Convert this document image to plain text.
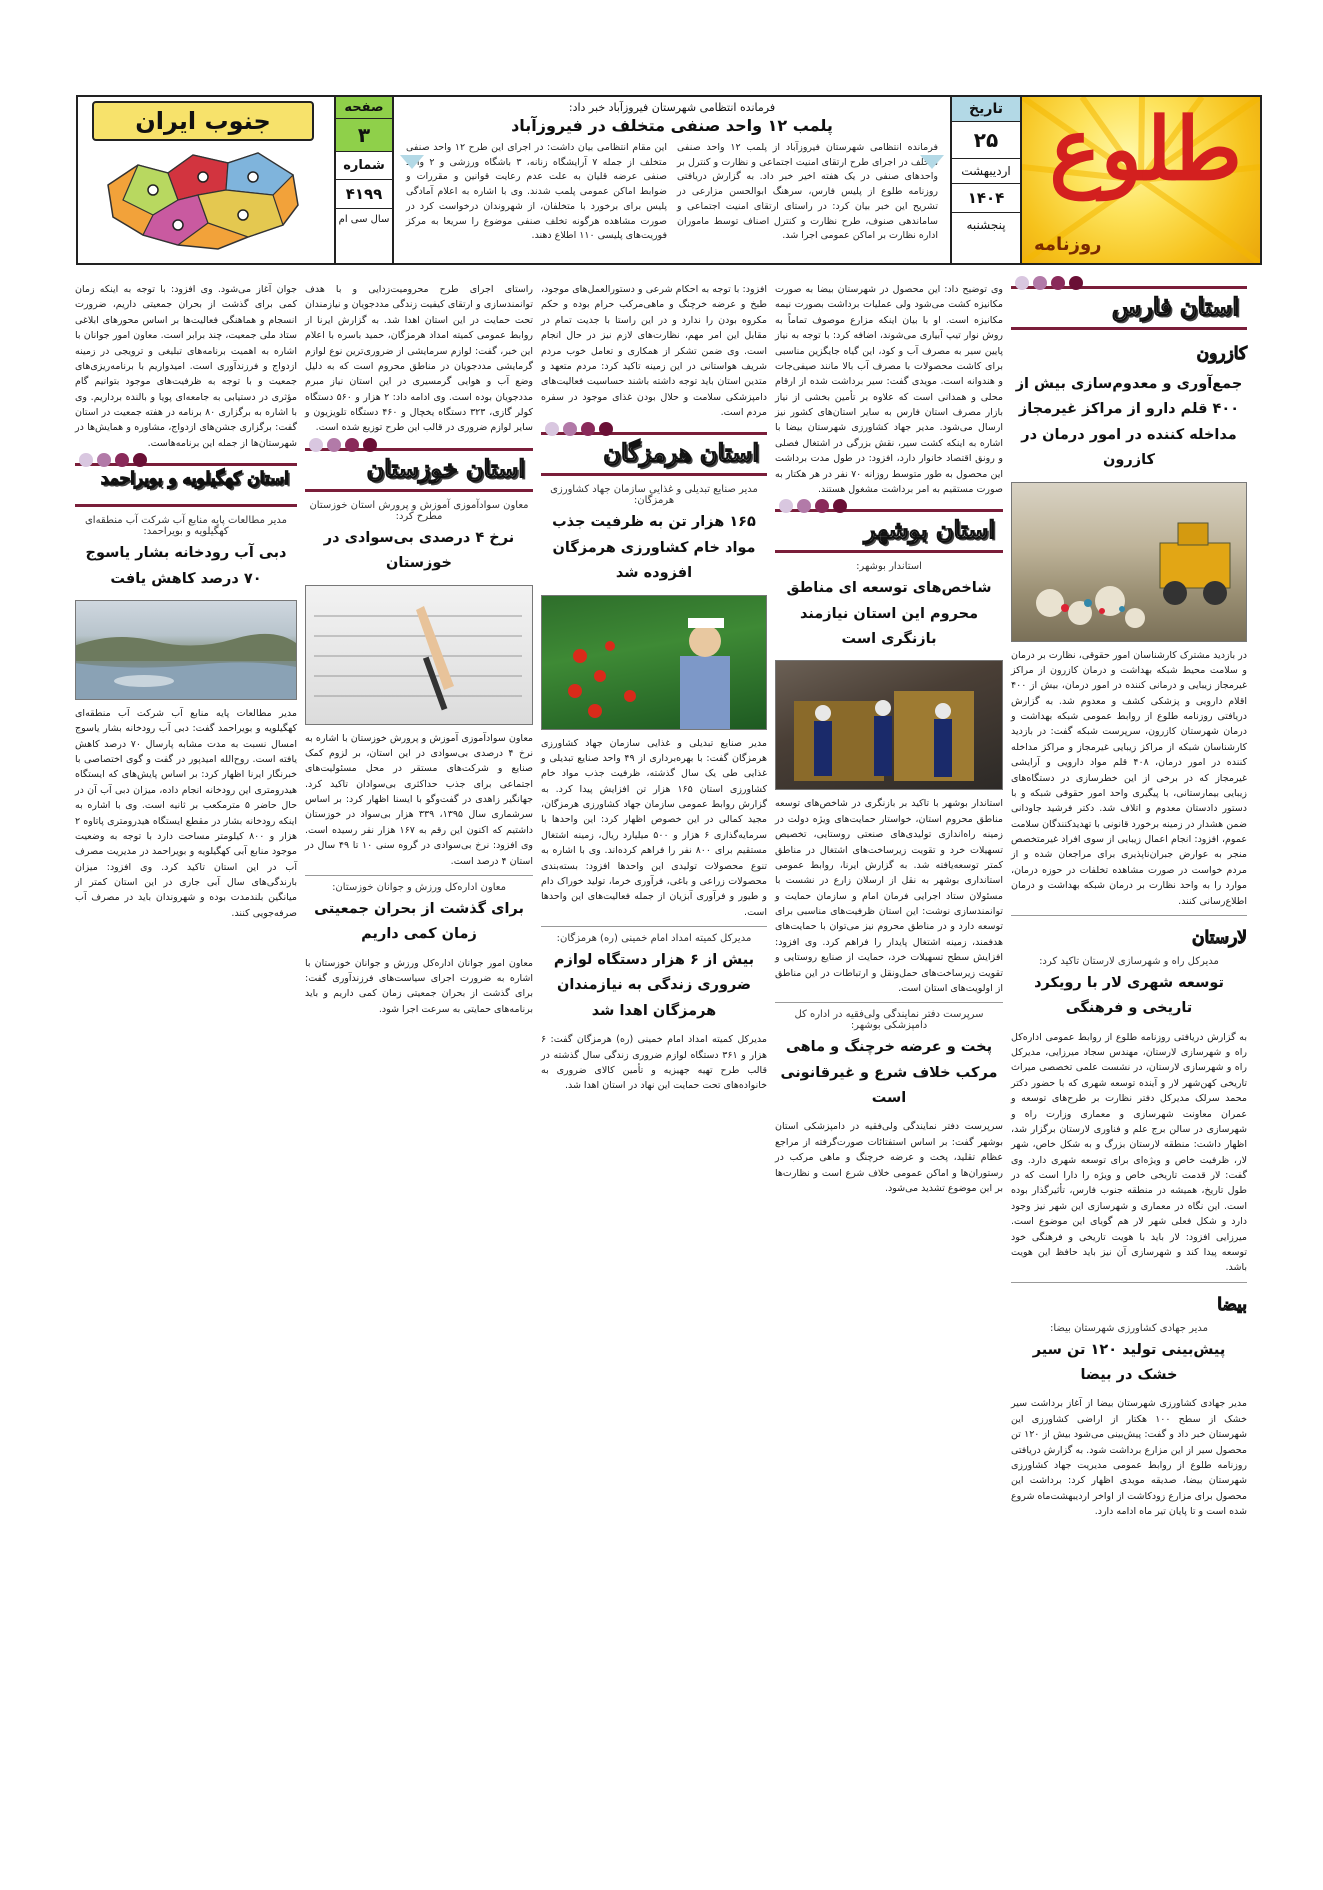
طلوع
روزنامه
تاریخ
۲۵
اردیبهشت
۱۴۰۴
پنجشنبه
فرمانده انتظامی شهرستان فیروزآباد خبر داد:
پلمب ۱۲ واحد صنفی متخلف در فیروزآباد

فرمانده انتظامی شهرستان فیروزآباد از پلمب ۱۲ واحد صنفی متخلف در اجرای طرح ارتقای امنیت اجتماعی و نظارت و کنترل بر واحدهای صنفی در یک هفته اخیر خبر داد. به گزارش دریافتی روزنامه طلوع از پلیس فارس، سرهنگ ابوالحسن مزارعی در تشریح این خبر بیان کرد: در راستای ارتقای امنیت اجتماعی و ساماندهی صنوف، طرح نظارت و کنترل اصناف توسط ماموران اداره نظارت بر اماکن عمومی اجرا شد.

این مقام انتظامی بیان داشت: در اجرای این طرح ۱۲ واحد صنفی متخلف از جمله ۷ آرایشگاه زنانه، ۳ باشگاه ورزشی و ۲ واحد صنفی عرضه قلیان به علت عدم رعایت قوانین و مقررات و ضوابط اماکن عمومی پلمب شدند. وی با اشاره به اعلام آمادگی پلیس برای برخورد با متخلفان، از شهروندان درخواست کرد در صورت مشاهده هرگونه تخلف صنفی موضوع را سریعا به مرکز فوریت‌های پلیسی ۱۱۰ اطلاع دهند.

صفحه
۳
شماره
۴۱۹۹
سال سی ام
جنوب ایران
استان فارس
کازرون
جمع‌آوری و معدوم‌سازی بیش از ۴۰۰ قلم دارو از مراکز غیرمجاز مداخله کننده در امور درمان در کازرون
در بازدید مشترک کارشناسان امور حقوقی، نظارت بر درمان و سلامت محیط شبکه بهداشت و درمان کازرون از مراکز غیرمجاز زیبایی و درمانی کننده در امور درمان، بیش از ۴۰۰ اقلام دارویی و پزشکی کشف و معدوم شد. به گزارش دریافتی روزنامه طلوع از روابط عمومی شبکه بهداشت و درمان شهرستان کازرون، سرپرست شبکه گفت: در بازدید کارشناسان شبکه از مراکز زیبایی غیرمجاز و مراکز مداخله کننده در امور درمان، ۴۰۸ قلم مواد دارویی و آرایشی غیرمجاز که در برخی از این خطرسازی در دستگاه‌های زیبایی بیمارستانی، با پیگیری واحد امور حقوقی شبکه و با دستور دادستان معدوم و اتلاف شد. دکتر فرشید جاودانی ضمن هشدار در زمینه برخورد قانونی با تهدیدکنندگان سلامت عموم، افزود: انجام اعمال زیبایی از سوی افراد غیرمتخصص منجر به عوارض جبران‌ناپذیری برای مراجعان شده و از مردم خواست در صورت مشاهده تخلفات در حوزه درمان، موارد را به واحد نظارت بر درمان شبکه بهداشت و درمان اطلاع‌رسانی کنند.
لارستان
مدیرکل راه و شهرسازی لارستان تاکید کرد:
توسعه شهری لار با رویکرد تاریخی و فرهنگی
به گزارش دریافتی روزنامه طلوع از روابط عمومی اداره‌کل راه و شهرسازی لارستان، مهندس سجاد میرزایی، مدیرکل راه و شهرسازی لارستان، در نشست علمی تخصصی میراث تاریخی کهن‌شهر لار و آینده توسعه شهری که با حضور دکتر محمد سرلک مدیرکل دفتر نظارت بر طرح‌های توسعه و عمران معاونت شهرسازی و معماری وزارت راه و شهرسازی در سالن برج علم و فناوری لارستان برگزار شد، اظهار داشت: منطقه لارستان بزرگ و به شکل خاص، شهر لار، ظرفیت خاص و ویژه‌ای برای توسعه شهری دارد. وی گفت: لار قدمت تاریخی خاص و ویژه را دارا است که در طول تاریخ، همیشه در منطقه جنوب فارس، تأثیرگذار بوده است. این نگاه در معماری و شهرسازی این شهر نیز وجود دارد و شکل فعلی شهر لار هم گویای این موضوع است. میرزایی افزود: لار باید با هویت تاریخی و فرهنگی خود توسعه پیدا کند و شهرسازی آن نیز باید حافظ این هویت باشد.
بیضا
مدیر جهادی کشاورزی شهرستان بیضا:
پیش‌بینی تولید ۱۲۰ تن سیر خشک در بیضا
مدیر جهادی کشاورزی شهرستان بیضا از آغاز برداشت سیر خشک از سطح ۱۰۰ هکتار از اراضی کشاورزی این شهرستان خبر داد و گفت: پیش‌بینی می‌شود بیش از ۱۲۰ تن محصول سیر از این مزارع برداشت شود. به گزارش دریافتی روزنامه طلوع از روابط عمومی مدیریت جهاد کشاورزی شهرستان بیضا، صدیقه مویدی اظهار کرد: برداشت این محصول برای مزارع زودکاشت از اواخر اردیبهشت‌ماه شروع شده است و تا پایان تیر ماه ادامه دارد.
وی توضیح داد: این محصول در شهرستان بیضا به صورت مکانیزه کشت می‌شود ولی عملیات برداشت بصورت نیمه مکانیزه است. او با بیان اینکه مزارع موصوف تماماً به روش نوار تیپ آبیاری می‌شوند، اضافه کرد: با توجه به نیاز پایین سیر به مصرف آب و کود، این گیاه جایگزین مناسبی برای کاشت محصولات با مصرف آب بالا مانند صیفی‌جات و هندوانه است. مویدی گفت: سیر برداشت شده از ارقام محلی و همدانی است که علاوه بر تأمین بخشی از نیاز بازار مصرف استان فارس به سایر استان‌های کشور نیز ارسال می‌شود. مدیر جهاد کشاورزی شهرستان بیضا با اشاره به اینکه کشت سیر، نقش بزرگی در اشتغال فصلی و رونق اقتصاد خانوار دارد، افزود: در طول مدت برداشت این محصول به طور متوسط روزانه ۷۰ نفر در هر هکتار به صورت مستقیم به امر برداشت مشغول هستند.
استان بوشهر
استاندار بوشهر:
شاخص‌های توسعه ای مناطق محروم این استان نیازمند بازنگری است
استاندار بوشهر با تاکید بر بازنگری در شاخص‌های توسعه مناطق محروم استان، خواستار حمایت‌های ویژه دولت در زمینه راه‌اندازی تولیدی‌های صنعتی روستایی، تخصیص تسهیلات خرد و تقویت زیرساخت‌های اشتغال در مناطق کمتر توسعه‌یافته شد. به گزارش ایرنا، روابط عمومی استانداری بوشهر به نقل از ارسلان زارع در نشست با مسئولان ستاد اجرایی فرمان امام و سازمان حمایت و توانمندسازی نوشت: این استان ظرفیت‌های مناسبی برای توسعه دارد و در مناطق محروم نیز می‌توان با حمایت‌های هدفمند، زمینه اشتغال پایدار را فراهم کرد. وی افزود: افزایش سطح تسهیلات خرد، حمایت از صنایع روستایی و تقویت زیرساخت‌های حمل‌ونقل و ارتباطات در این مناطق از اولویت‌های استان است.
سرپرست دفتر نمایندگی ولی‌فقیه در اداره کل دامپزشکی بوشهر:
پخت و عرضه خرچنگ و ماهی مرکب خلاف شرع و غیرقانونی است
سرپرست دفتر نمایندگی ولی‌فقیه در دامپزشکی استان بوشهر گفت: بر اساس استفتائات صورت‌گرفته از مراجع عظام تقلید، پخت و عرضه خرچنگ و ماهی مرکب در رستوران‌ها و اماکن عمومی خلاف شرع است و نظارت‌ها بر این موضوع تشدید می‌شود.
افزود: با توجه به احکام شرعی و دستورالعمل‌های موجود، طبخ و عرضه خرچنگ و ماهی‌مرکب حرام بوده و حکم مکروه بودن را ندارد و در این راستا با جدیت تمام در مقابل این امر مهم، نظارت‌های لازم نیز در حال انجام است. وی ضمن تشکر از همکاری و تعامل خوب مردم شریف هواستانی در این زمینه تاکید کرد: مردم متعهد و متدین استان باید توجه داشته باشند حساسیت فعالیت‌های دامپزشکی سلامت و حلال بودن غذای موجود در سفره مردم است.
استان هرمزگان
مدیر صنایع تبدیلی و غذایی سازمان جهاد کشاورزی هرمزگان:
۱۶۵ هزار تن به ظرفیت جذب مواد خام کشاورزی هرمزگان افزوده شد
مدیر صنایع تبدیلی و غذایی سازمان جهاد کشاورزی هرمزگان گفت: با بهره‌برداری از ۴۹ واحد صنایع تبدیلی و غذایی طی یک سال گذشته، ظرفیت جذب مواد خام کشاورزی استان ۱۶۵ هزار تن افزایش پیدا کرد. به گزارش روابط عمومی سازمان جهاد کشاورزی هرمزگان، مجید کمالی در این خصوص اظهار کرد: این واحدها با سرمایه‌گذاری ۶ هزار و ۵۰۰ میلیارد ریال، زمینه اشتغال مستقیم برای ۸۰۰ نفر را فراهم کرده‌اند. وی با اشاره به تنوع محصولات تولیدی این واحدها افزود: بسته‌بندی محصولات زراعی و باغی، فرآوری خرما، تولید خوراک دام و طیور و فرآوری آبزیان از جمله فعالیت‌های این واحدها است.
مدیرکل کمیته امداد امام خمینی (ره) هرمزگان:
بیش از ۶ هزار دستگاه لوازم ضروری زندگی به نیازمندان هرمزگان اهدا شد
مدیرکل کمیته امداد امام خمینی (ره) هرمزگان گفت: ۶ هزار و ۳۶۱ دستگاه لوازم ضروری زندگی سال گذشته در قالب طرح تهیه جهیزیه و تأمین کالای ضروری به خانواده‌های تحت حمایت این نهاد در استان اهدا شد.
راستای اجرای طرح محرومیت‌زدایی و با هدف توانمندسازی و ارتقای کیفیت زندگی مددجویان و نیازمندان تحت حمایت در این استان اهدا شد. به گزارش ایرنا از روابط عمومی کمیته امداد هرمزگان، حمید باسره با اعلام این خبر، گفت: لوازم سرمایشی از ضروری‌ترین نوع لوازم گرمایشی مددجویان در مناطق محروم است که به دلیل وضع آب و هوایی گرمسیری در این استان نیاز مبرم مددجویان بوده است. وی ادامه داد: ۲ هزار و ۵۶۰ دستگاه کولر گازی، ۳۲۳ دستگاه یخچال و ۴۶۰ دستگاه تلویزیون و سایر لوازم ضروری در قالب این طرح توزیع شده است.
استان خوزستان
معاون سوادآموزی آموزش و پرورش استان خوزستان مطرح کرد:
نرخ ۴ درصدی بی‌سوادی در خوزستان
معاون سوادآموزی آموزش و پرورش خوزستان با اشاره به نرخ ۴ درصدی بی‌سوادی در این استان، بر لزوم کمک صنایع و شرکت‌های مستقر در محل مسئولیت‌های اجتماعی برای جذب حداکثری بی‌سوادان تاکید کرد. جهانگیر زاهدی در گفت‌وگو با ایسنا اظهار کرد: بر اساس سرشماری سال ۱۳۹۵، ۳۳۹ هزار بی‌سواد در خوزستان داشتیم که اکنون این رقم به ۱۶۷ هزار نفر رسیده است. وی افزود: نرخ بی‌سوادی در گروه سنی ۱۰ تا ۴۹ سال در استان ۴ درصد است.
معاون اداره‌کل ورزش و جوانان خوزستان:
برای گذشت از بحران جمعیتی زمان کمی داریم
معاون امور جوانان اداره‌کل ورزش و جوانان خوزستان با اشاره به ضرورت اجرای سیاست‌های فرزندآوری گفت: برای گذشت از بحران جمعیتی زمان کمی داریم و باید برنامه‌های حمایتی به سرعت اجرا شود.
جوان آغاز می‌شود. وی افزود: با توجه به اینکه زمان کمی برای گذشت از بحران جمعیتی داریم، ضرورت انسجام و هماهنگی فعالیت‌ها بر اساس محورهای ابلاغی ستاد ملی جمعیت، چند برابر است. معاون امور جوانان با اشاره به اهمیت برنامه‌های تبلیغی و ترویجی در زمینه ازدواج و فرزندآوری است. امیدواریم با برنامه‌ریزی‌های جمعیت و با توجه به ظرفیت‌های موجود بتوانیم گام مؤثری در دستیابی به جامعه‌ای پویا و بالنده برداریم. وی با اشاره به برگزاری ۸۰ برنامه در هفته جمعیت در استان گفت: برگزاری جشن‌های ازدواج، مشاوره و همایش‌ها در شهرستان‌ها از جمله این برنامه‌هاست.
استان کهگیلویه و بویراحمد
مدیر مطالعات پایه منابع آب شرکت آب منطقه‌ای کهگیلویه و بویراحمد:
دبی آب رودخانه بشار یاسوج ۷۰ درصد کاهش یافت
مدیر مطالعات پایه منابع آب شرکت آب منطقه‌ای کهگیلویه و بویراحمد گفت: دبی آب رودخانه بشار یاسوج امسال نسبت به مدت مشابه پارسال ۷۰ درصد کاهش یافته است. روح‌الله امیدپور در گفت و گوی اختصاصی با خبرنگار ایرنا اظهار کرد: بر اساس پایش‌های که ایستگاه هیدرومتری این رودخانه انجام داده، میزان دبی آب آن در حال حاضر ۵ مترمکعب بر ثانیه است. وی با اشاره به اینکه رودخانه بشار در مقطع ایستگاه هیدرومتری پاتاوه ۲ هزار و ۸۰۰ کیلومتر مساحت دارد با توجه به وضعیت موجود منابع آبی کهگیلویه و بویراحمد در مدیریت مصرف آب در این استان تاکید کرد. وی افزود: میزان بارندگی‌های سال آبی جاری در این استان کمتر از میانگین بلندمدت بوده و شهروندان باید در مصرف آب صرفه‌جویی کنند.
